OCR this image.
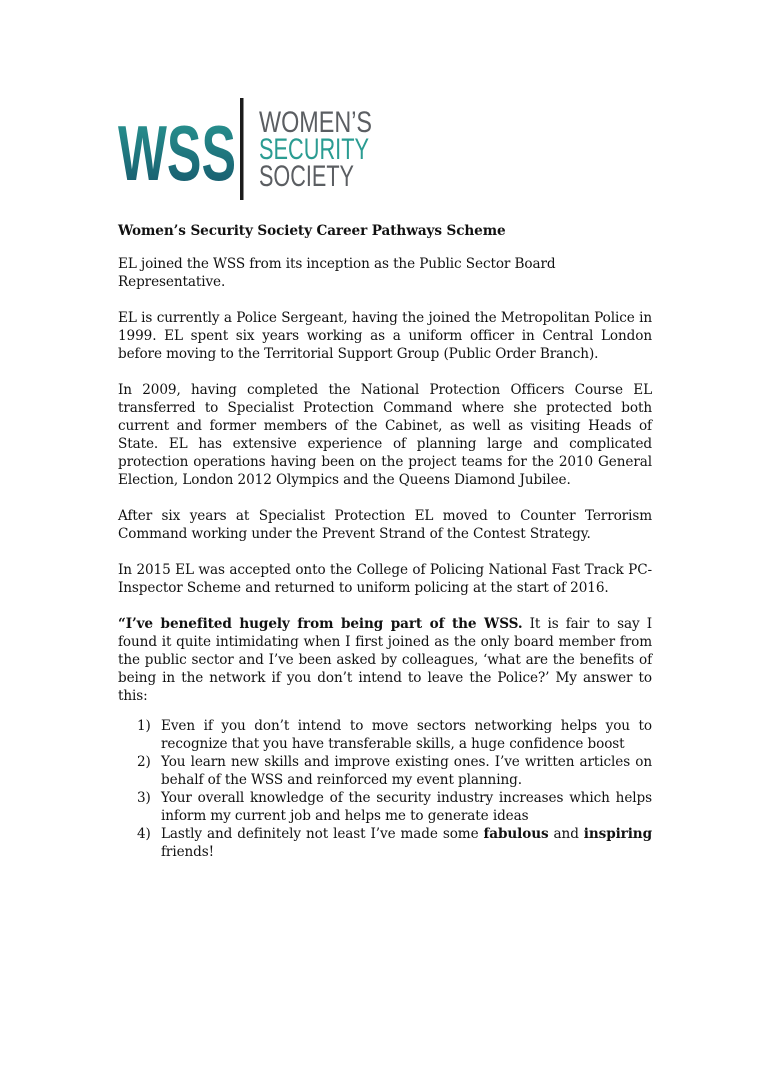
WSS WOMEN’S
SECURITY
SOCIETY

Women’s Security Society Career Pathways Scheme

EL joined the WSS from its inception as the Public Sector Board Representative.

EL is currently a Police Sergeant, having the joined the Metropolitan Police in 1999. EL spent six years working as a uniform officer in Central London before moving to the Territorial Support Group (Public Order Branch).

In 2009, having completed the National Protection Officers Course EL transferred to Specialist Protection Command where she protected both current and former members of the Cabinet, as well as visiting Heads of State. EL has extensive experience of planning large and complicated protection operations having been on the project teams for the 2010 General Election, London 2012 Olympics and the Queens Diamond Jubilee.

After six years at Specialist Protection EL moved to Counter Terrorism Command working under the Prevent Strand of the Contest Strategy.

In 2015 EL was accepted onto the College of Policing National Fast Track PC-Inspector Scheme and returned to uniform policing at the start of 2016.

“I’ve benefited hugely from being part of the WSS. It is fair to say I found it quite intimidating when I first joined as the only board member from the public sector and I’ve been asked by colleagues, ‘what are the benefits of being in the network if you don’t intend to leave the Police?’ My answer to this:

1) Even if you don’t intend to move sectors networking helps you to recognize that you have transferable skills, a huge confidence boost
2) You learn new skills and improve existing ones. I’ve written articles on behalf of the WSS and reinforced my event planning.
3) Your overall knowledge of the security industry increases which helps inform my current job and helps me to generate ideas
4) Lastly and definitely not least I’ve made some fabulous and inspiring friends!
